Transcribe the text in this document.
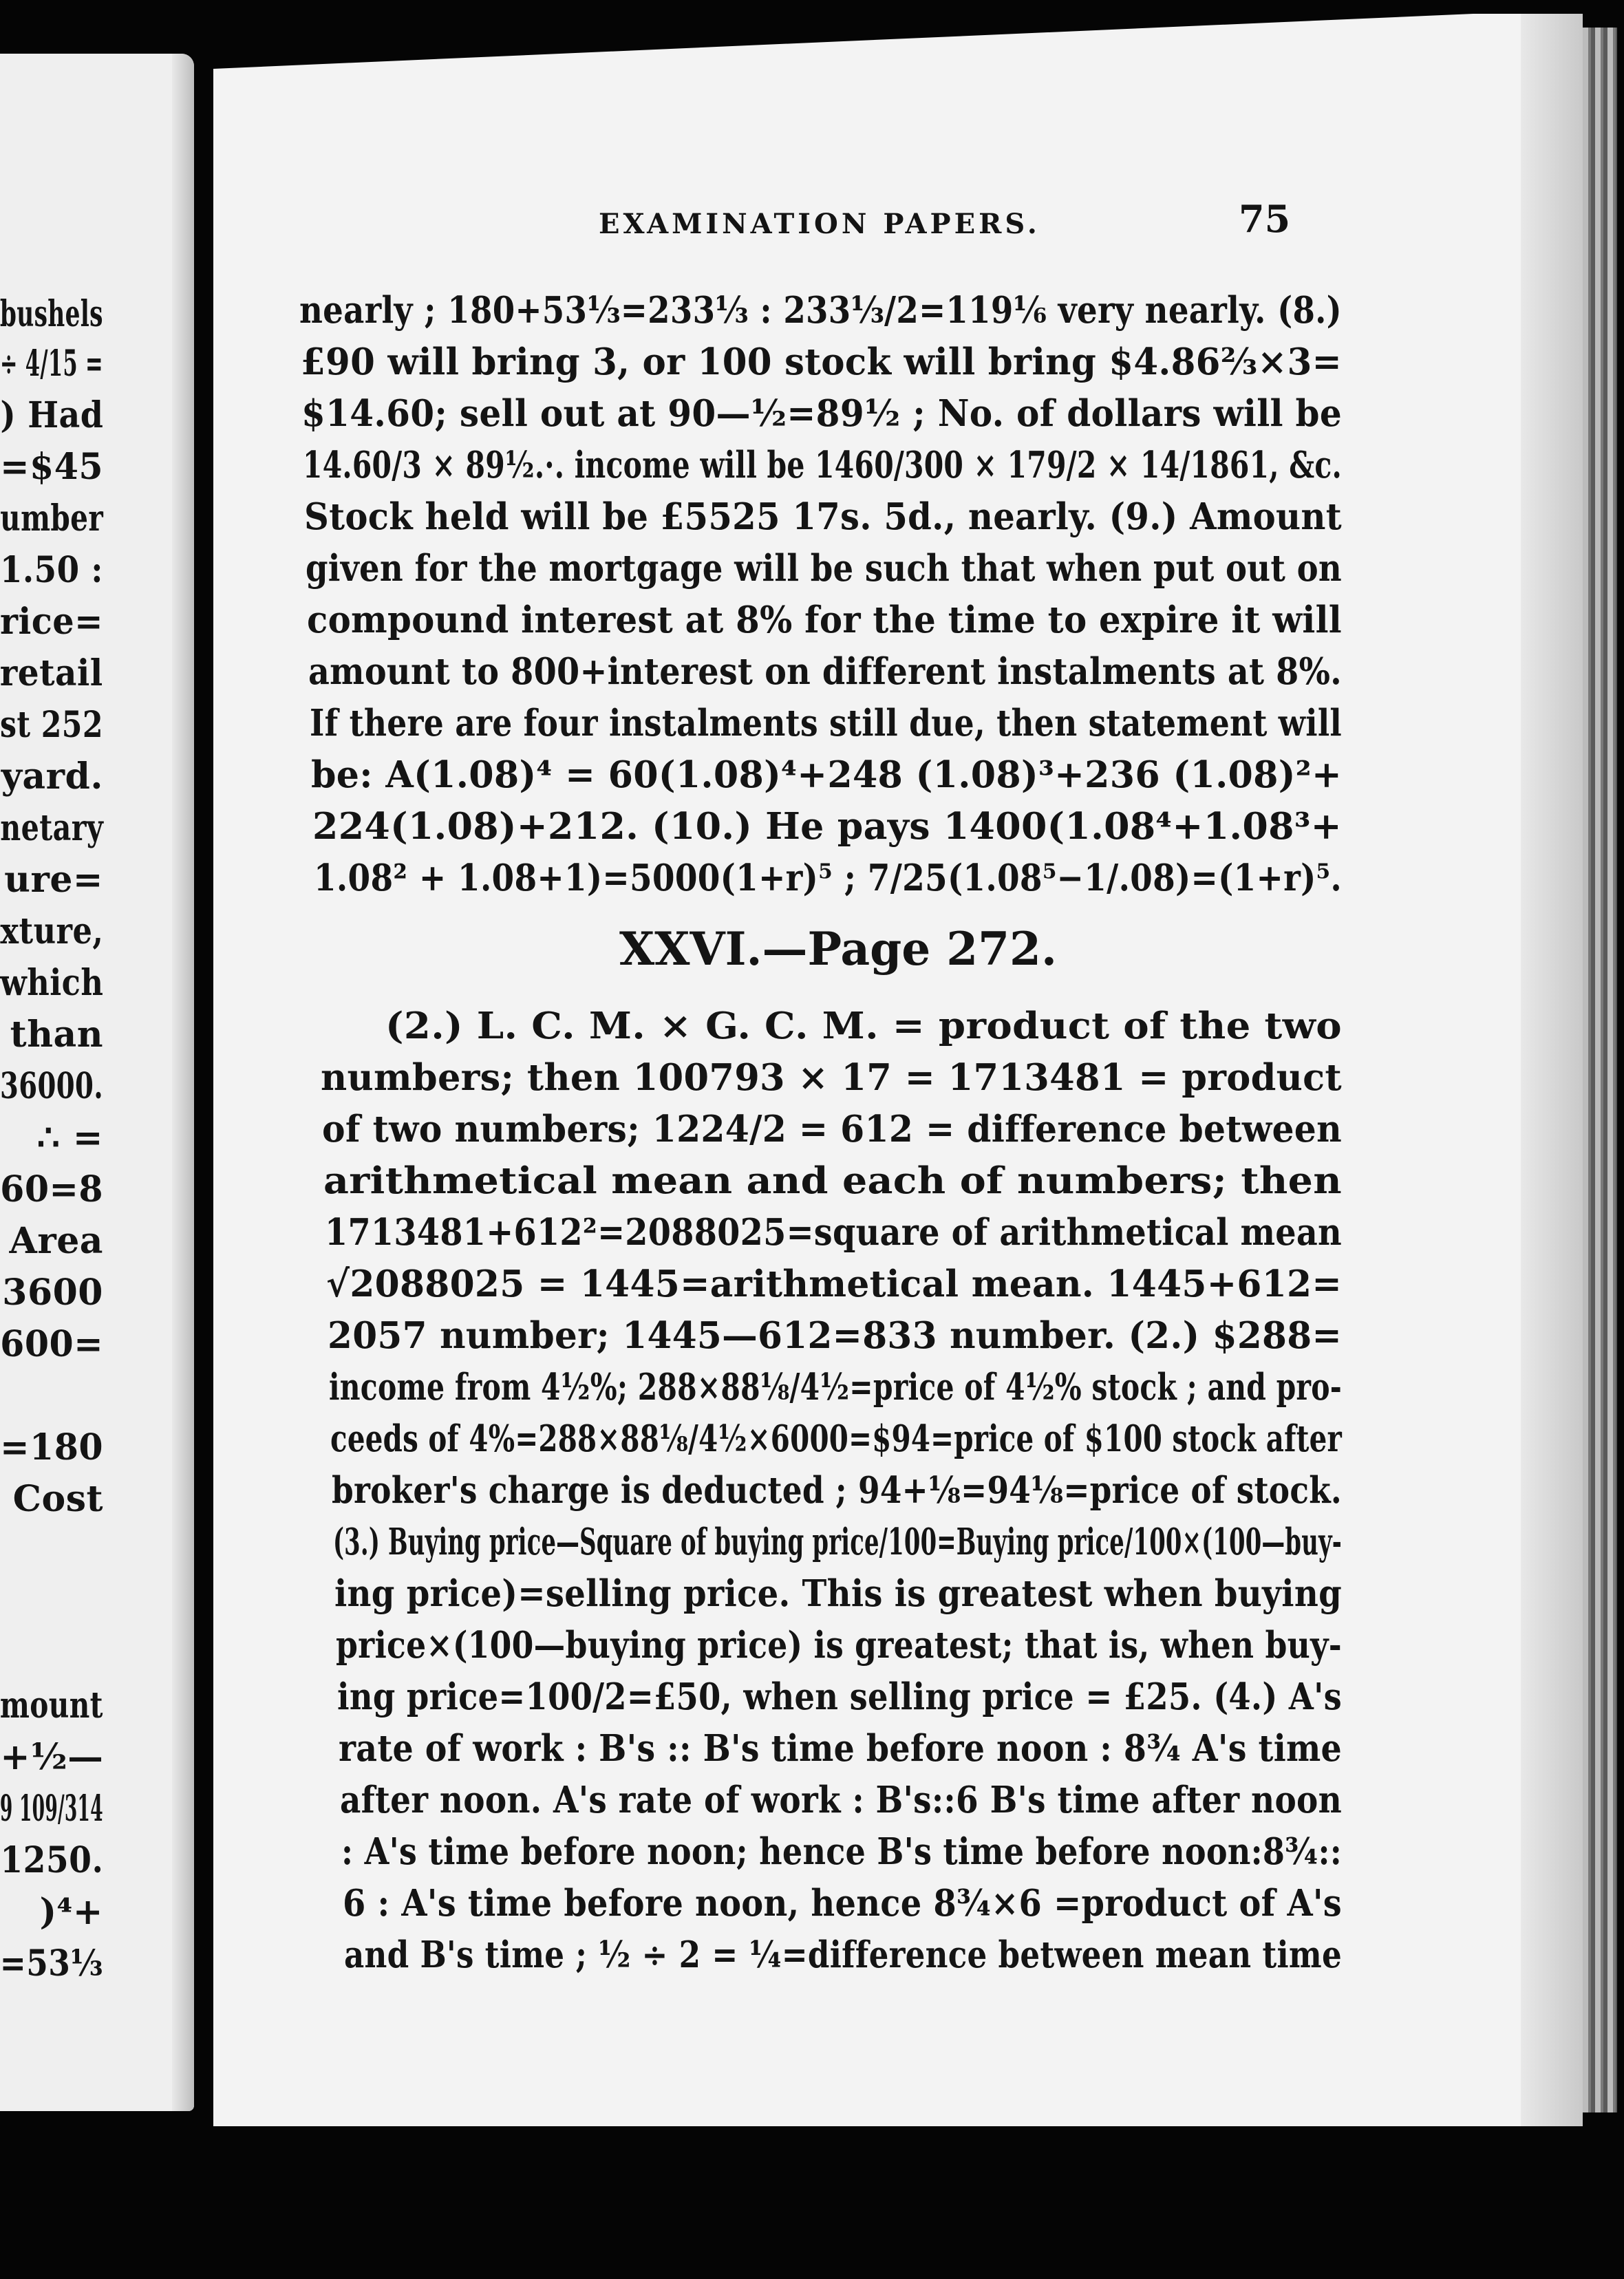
bushels

÷ 4/15 =

) Had

=$45

umber

1.50 :

rice=

retail

st 252

yard.

netary

ure=

xture,

which

than

36000.

∴ =

60=8

Area

3600

600=

=180

Cost

mount

+½—

9 109/314

1250.

)⁴+

=53⅓

EXAMINATION PAPERS.	75

nearly ; 180+53⅓=233⅓ : 233⅓/2=119⅙ very nearly. (8.)

£90 will bring 3, or 100 stock will bring $4.86⅔×3=

$14.60; sell out at 90—½=89½ ; No. of dollars will be

14.60/3 × 89½.·. income will be 1460/300 × 179/2 × 14/1861, &c.

Stock held will be £5525 17s. 5d., nearly. (9.) Amount

given for the mortgage will be such that when put out on

compound interest at 8% for the time to expire it will

amount to 800+interest on different instalments at 8%.

If there are four instalments still due, then statement will

be: A(1.08)⁴ = 60(1.08)⁴+248 (1.08)³+236 (1.08)²+

224(1.08)+212. (10.) He pays 1400(1.08⁴+1.08³+

1.08² + 1.08+1)=5000(1+r)⁵ ; 7/25(1.08⁵−1/.08)=(1+r)⁵.

XXVI.—Page 272.

(2.) L. C. M. × G. C. M. = product of the two

numbers; then 100793 × 17 = 1713481 = product

of two numbers; 1224/2 = 612 = difference between

arithmetical mean and each of numbers; then

1713481+612²=2088025=square of arithmetical mean

√2088025 = 1445=arithmetical mean. 1445+612=

2057 number; 1445—612=833 number. (2.) $288=

income from 4½%; 288×88⅛/4½=price of 4½% stock ; and pro-

ceeds of 4%=288×88⅛/4½×6000=$94=price of $100 stock after

broker's charge is deducted ; 94+⅛=94⅛=price of stock.

(3.) Buying price—Square of buying price/100=Buying price/100×(100—buy-

ing price)=selling price. This is greatest when buying

price×(100—buying price) is greatest; that is, when buy-

ing price=100/2=£50, when selling price = £25. (4.) A's

rate of work : B's :: B's time before noon : 8¾ A's time

after noon. A's rate of work : B's::6 B's time after noon

: A's time before noon; hence B's time before noon:8¾::

6 : A's time before noon, hence 8¾×6 =product of A's

and B's time ; ½ ÷ 2 = ¼=difference between mean time
